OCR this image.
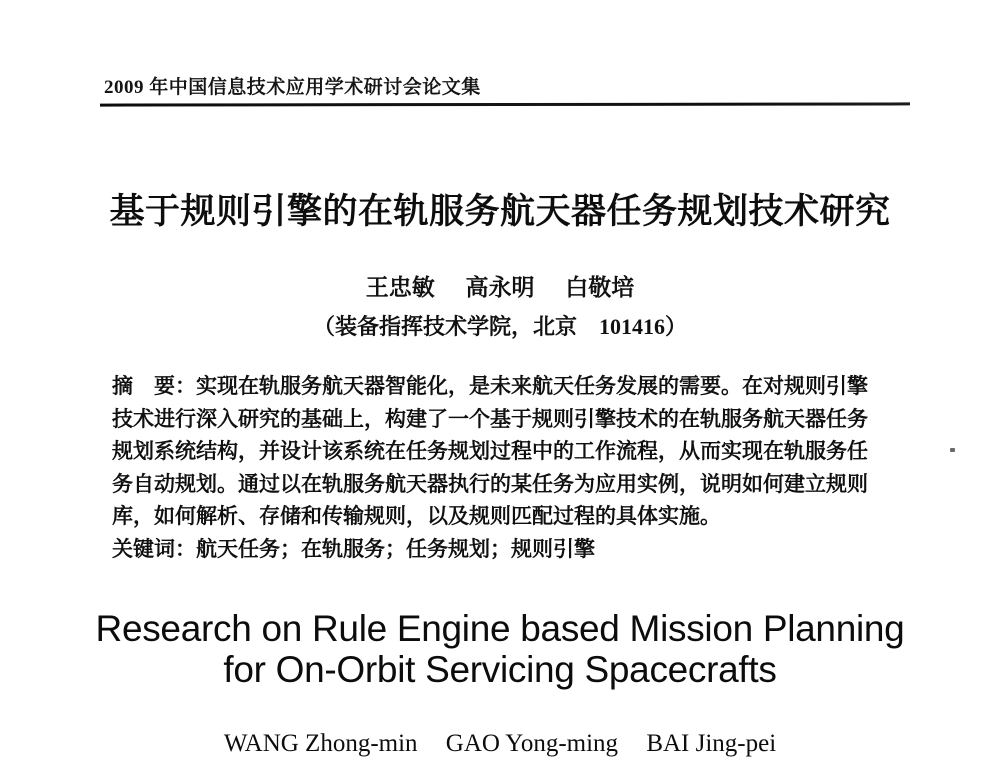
2009 年中国信息技术应用学术研讨会论文集
基于规则引擎的在轨服务航天器任务规划技术研究
王忠敏 高永明 白敬培
（装备指挥技术学院，北京　101416）
摘　要：实现在轨服务航天器智能化，是未来航天任务发展的需要。在对规则引擎
技术进行深入研究的基础上，构建了一个基于规则引擎技术的在轨服务航天器任务
规划系统结构，并设计该系统在任务规划过程中的工作流程，从而实现在轨服务任
务自动规划。通过以在轨服务航天器执行的某任务为应用实例，说明如何建立规则
库，如何解析、存储和传输规则，以及规则匹配过程的具体实施。
关键词：航天任务；在轨服务；任务规划；规则引擎
Research on Rule Engine based Mission Planning
for On-Orbit Servicing Spacecrafts
WANG Zhong-min GAO Yong-ming BAI Jing-pei
